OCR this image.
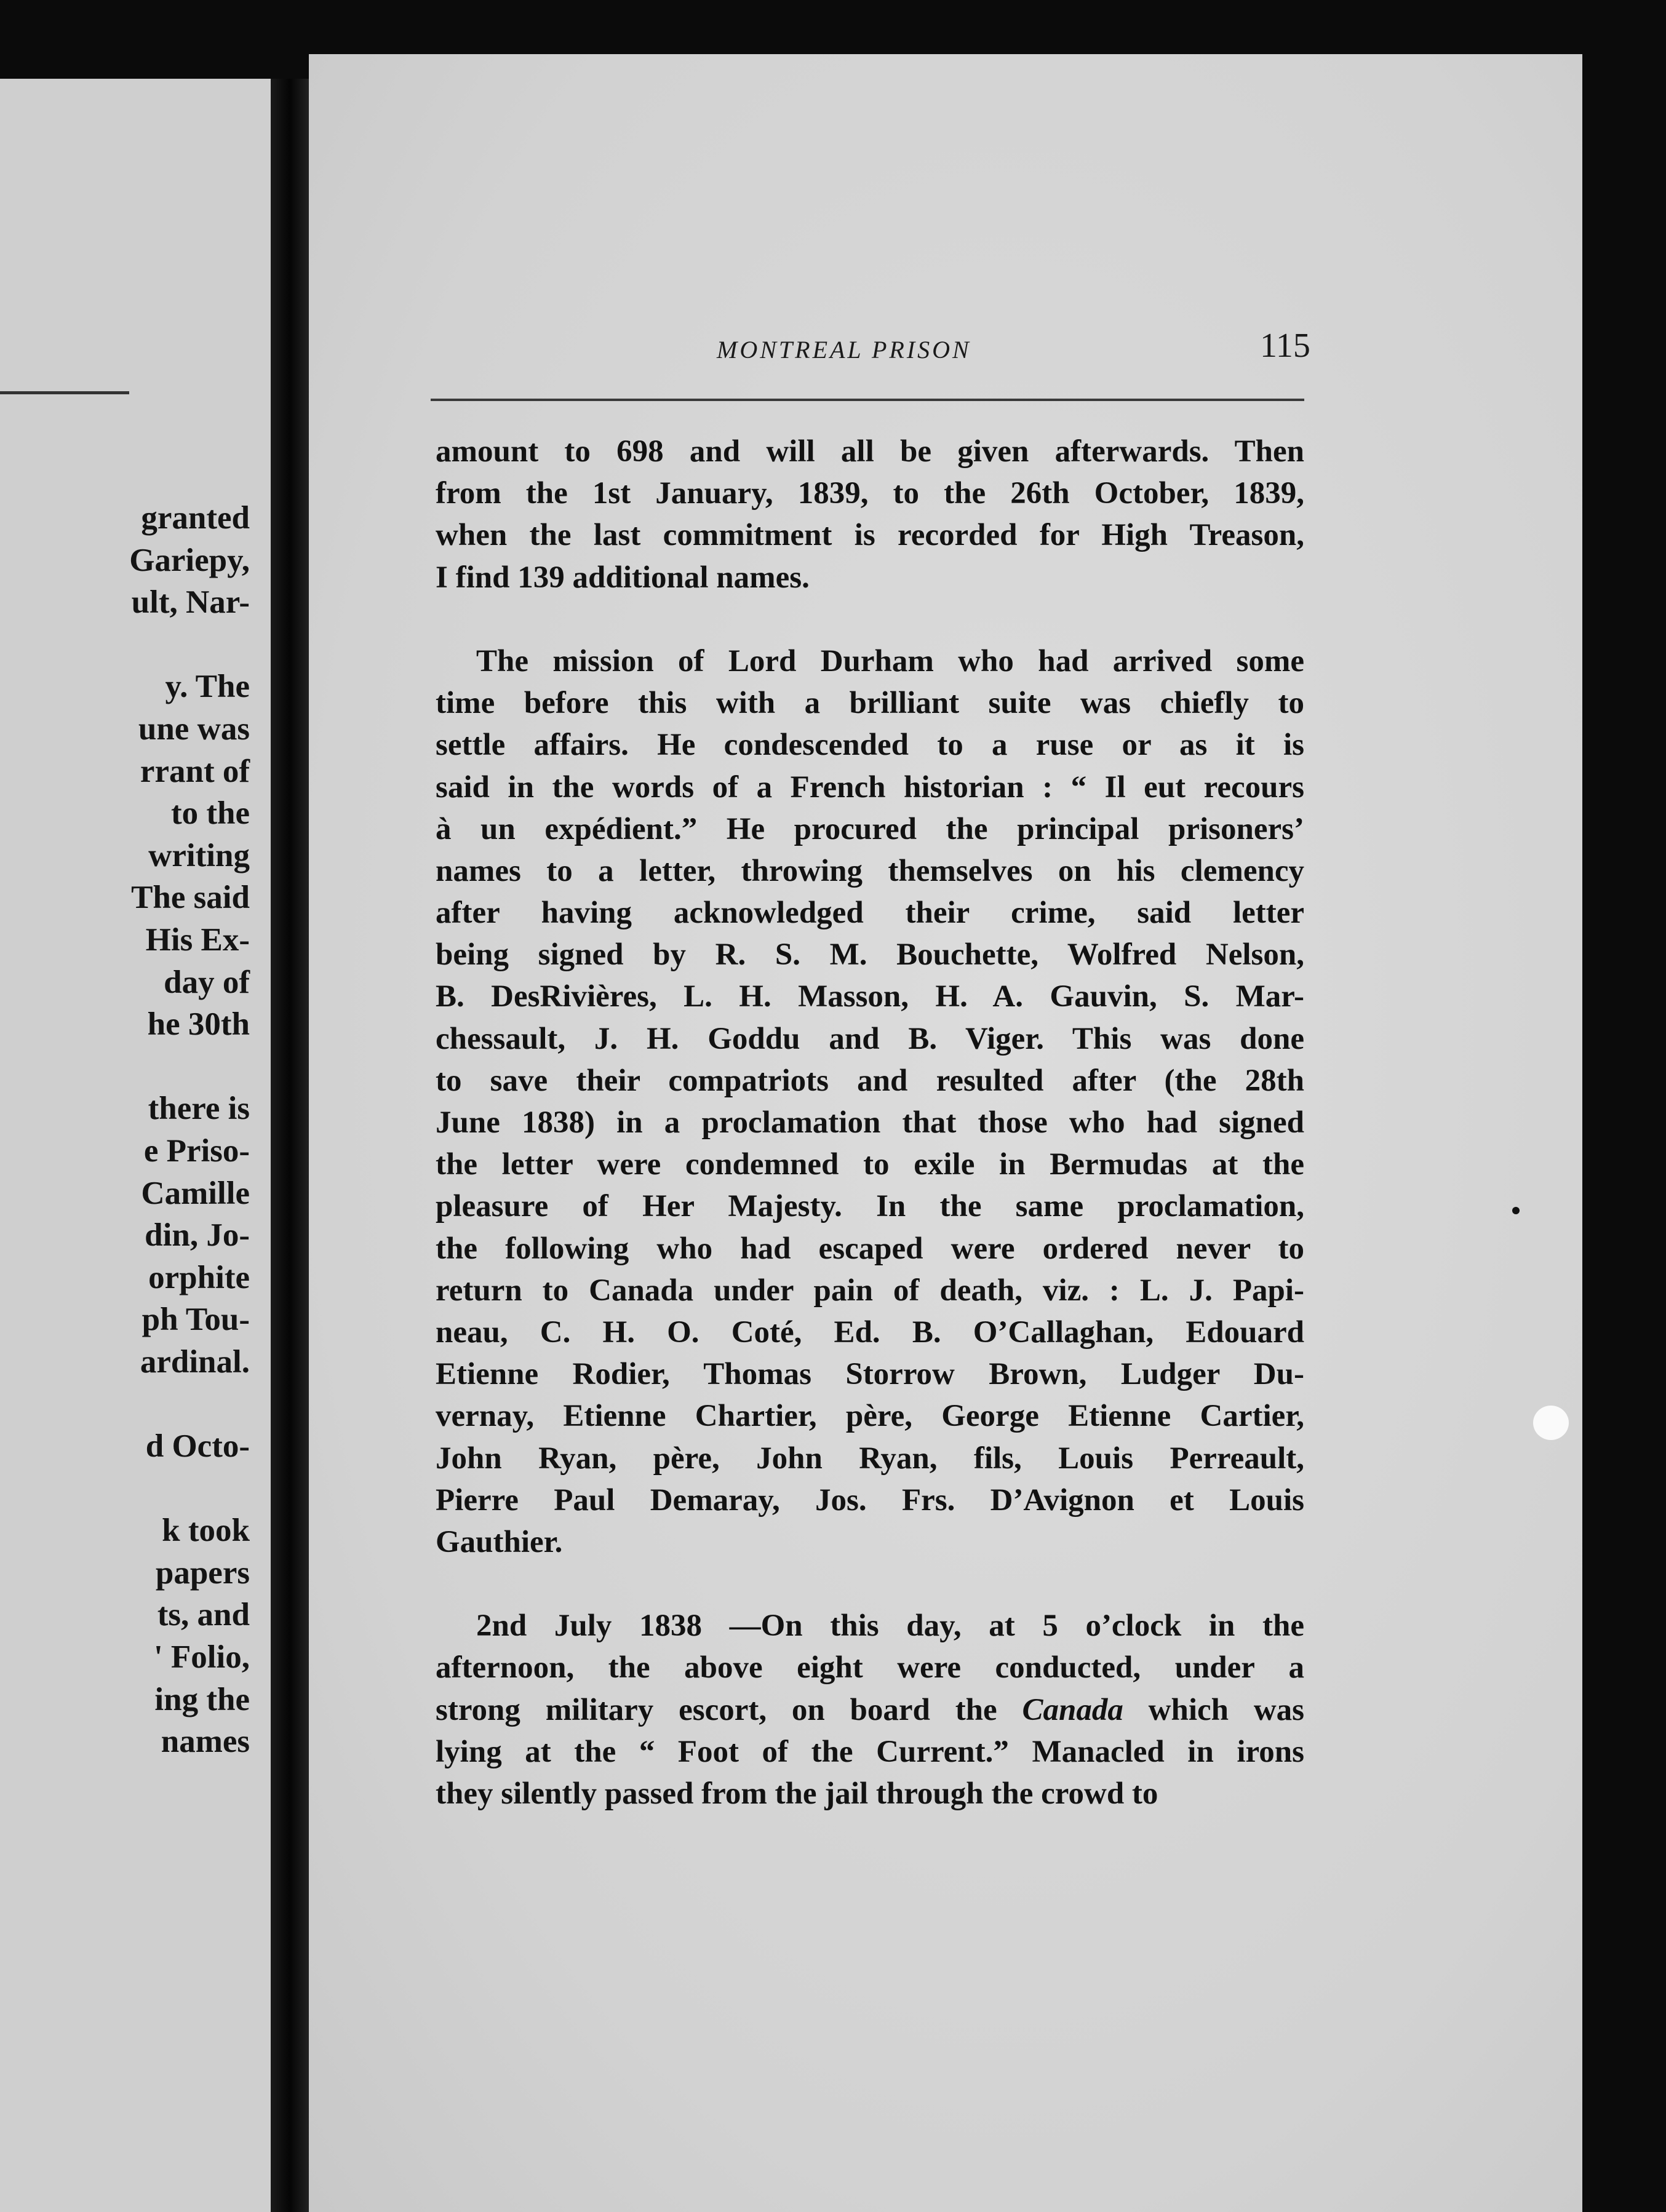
granted
Gariepy,
ult, Nar-
y. The
une was
rrant of
to the
writing
The said
His Ex-
day of
he 30th
there is
e Priso-
Camille
din, Jo-
orphite
ph Tou-
ardinal.
d Octo-
k took
papers
ts, and
' Folio,
ing the
names
MONTREAL PRISON	115
amount to 698 and will all be given afterwards. Then
from the 1st January, 1839, to the 26th October, 1839,
when the last commitment is recorded for High Treason,
I find 139 additional names.
The mission of Lord Durham who had arrived some
time before this with a brilliant suite was chiefly to
settle affairs. He condescended to a ruse or as it is
said in the words of a French historian : “ Il eut recours
à un expédient.” He procured the principal prisoners’
names to a letter, throwing themselves on his clemency
after having acknowledged their crime, said letter
being signed by R. S. M. Bouchette, Wolfred Nelson,
B. DesRivières, L. H. Masson, H. A. Gauvin, S. Mar-
chessault, J. H. Goddu and B. Viger. This was done
to save their compatriots and resulted after (the 28th
June 1838) in a proclamation that those who had signed
the letter were condemned to exile in Bermudas at the
pleasure of Her Majesty. In the same proclamation,
the following who had escaped were ordered never to
return to Canada under pain of death, viz. : L. J. Papi-
neau, C. H. O. Coté, Ed. B. O’Callaghan, Edouard
Etienne Rodier, Thomas Storrow Brown, Ludger Du-
vernay, Etienne Chartier, père, George Etienne Cartier,
John Ryan, père, John Ryan, fils, Louis Perreault,
Pierre Paul Demaray, Jos. Frs. D’Avignon et Louis
Gauthier.
2nd July 1838 —On this day, at 5 o’clock in the
afternoon, the above eight were conducted, under a
strong military escort, on board the Canada which was
lying at the “ Foot of the Current.” Manacled in irons
they silently passed from the jail through the crowd to
